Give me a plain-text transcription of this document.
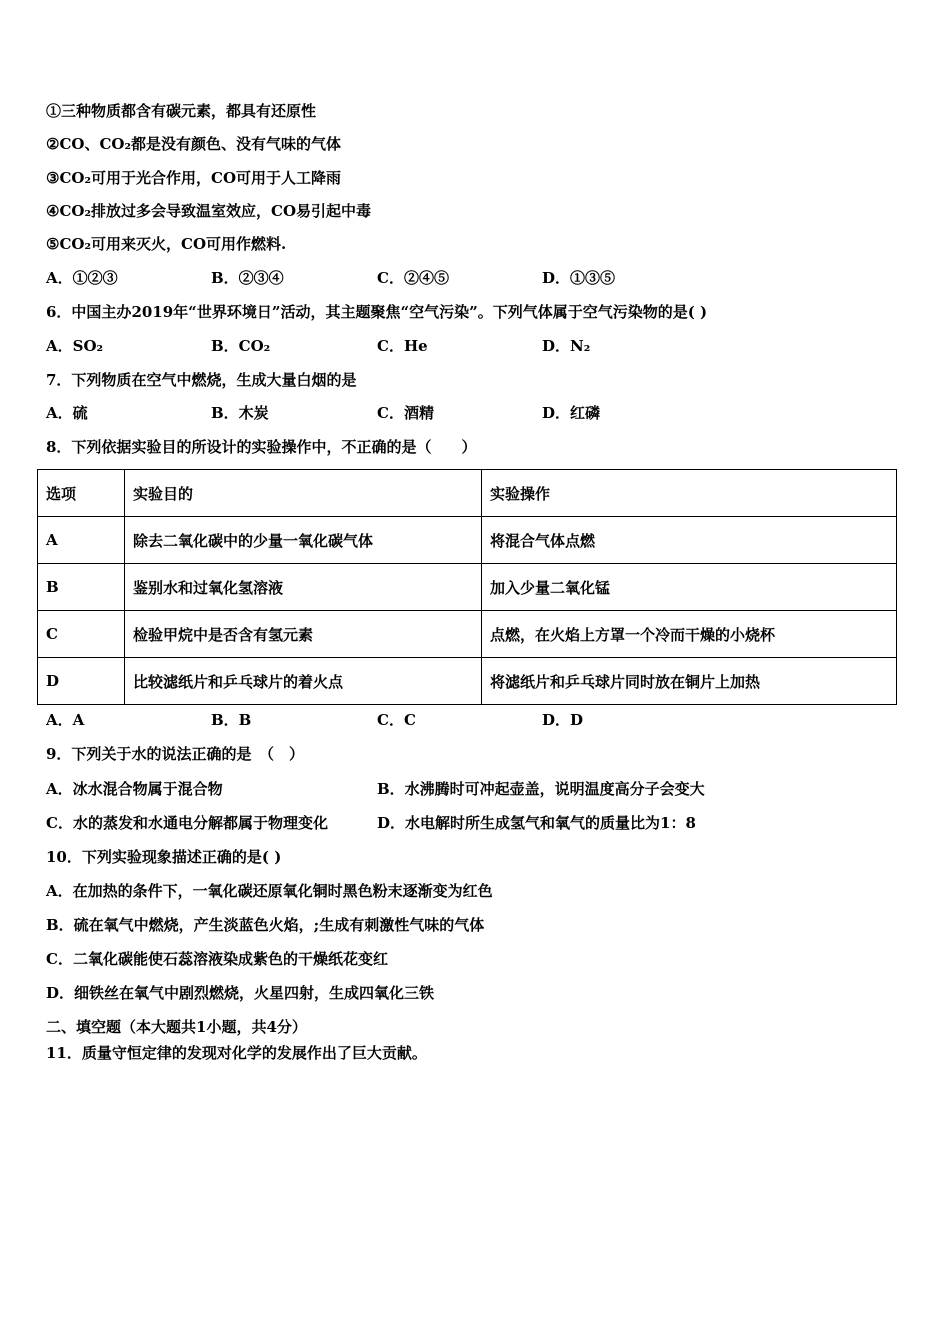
①三种物质都含有碳元素，都具有还原性
②CO、CO₂都是没有颜色、没有气味的气体
③CO₂可用于光合作用，CO可用于人工降雨
④CO₂排放过多会导致温室效应，CO易引起中毒
⑤CO₂可用来灭火，CO可用作燃料.
A．①②③	B．②③④	C．②④⑤	D．①③⑤
6．中国主办2019年“世界环境日”活动，其主题聚焦“空气污染”。下列气体属于空气污染物的是( )
A．SO₂	B．CO₂	C．He	D．N₂
7．下列物质在空气中燃烧，生成大量白烟的是
A．硫	B．木炭	C．酒精	D．红磷
8．下列依据实验目的所设计的实验操作中，不正确的是（　　）
选项	实验目的	实验操作
A	除去二氧化碳中的少量一氧化碳气体	将混合气体点燃
B	鉴别水和过氧化氢溶液	加入少量二氧化锰
C	检验甲烷中是否含有氢元素	点燃，在火焰上方罩一个冷而干燥的小烧杯
D	比较滤纸片和乒乓球片的着火点	将滤纸片和乒乓球片同时放在铜片上加热
A．A	B．B	C．C	D．D
9．下列关于水的说法正确的是　（　）
A．冰水混合物属于混合物	B．水沸腾时可冲起壶盖，说明温度高分子会变大
C．水的蒸发和水通电分解都属于物理变化	D．水电解时所生成氢气和氧气的质量比为1：8
10．下列实验现象描述正确的是( )
A．在加热的条件下，一氧化碳还原氧化铜时黑色粉末逐渐变为红色
B．硫在氧气中燃烧，产生淡蓝色火焰，;生成有刺激性气味的气体
C．二氧化碳能使石蕊溶液染成紫色的干燥纸花变红
D．细铁丝在氧气中剧烈燃烧，火星四射，生成四氧化三铁
二、填空题（本大题共1小题，共4分）
11．质量守恒定律的发现对化学的发展作出了巨大贡献。
